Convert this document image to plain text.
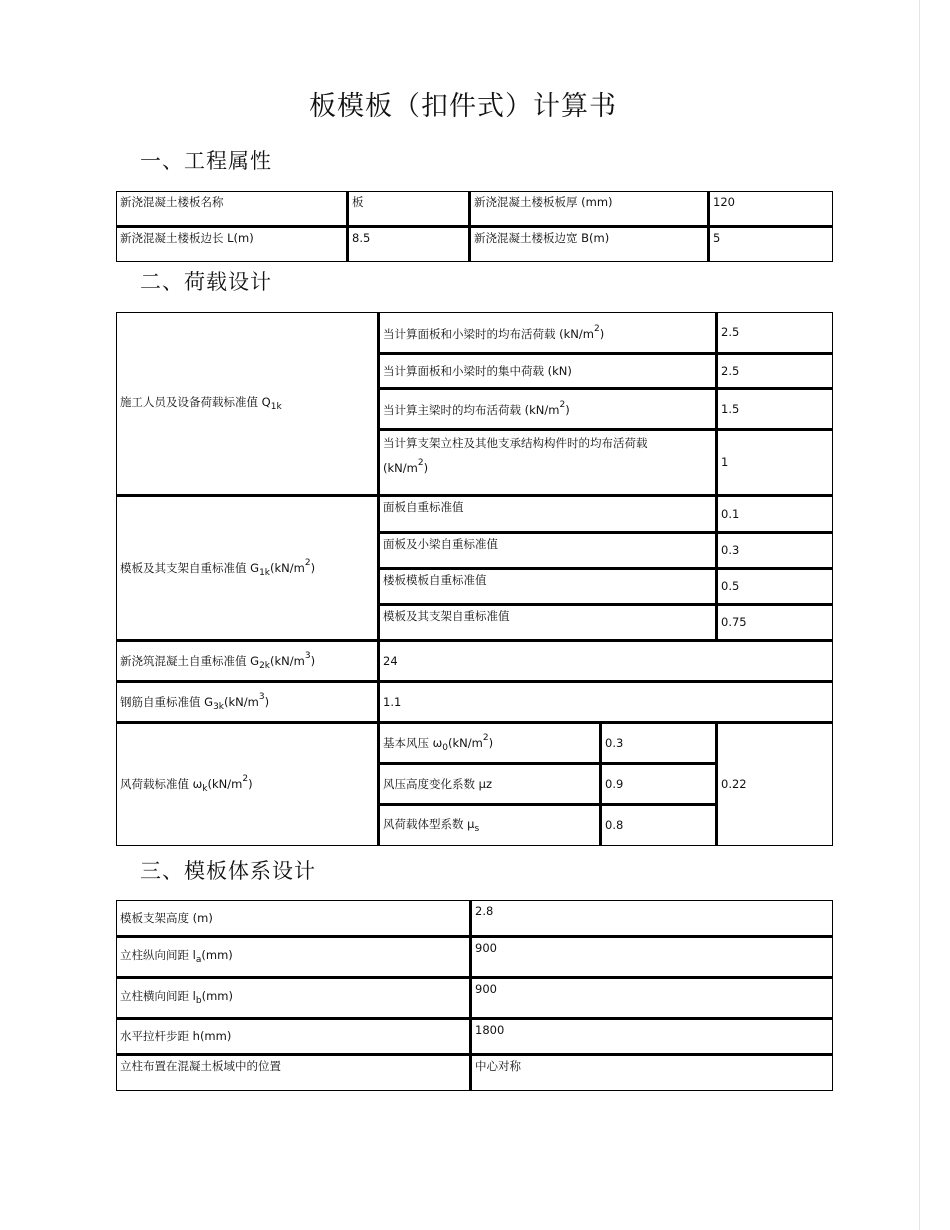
板模板（扣件式）计算书
一、工程属性
新浇混凝土楼板名称	板	新浇混凝土楼板板厚 (mm)	120
新浇混凝土楼板边长 L(m)	8.5	新浇混凝土楼板边宽 B(m)	5
二、荷载设计
施工人员及设备荷载标准值 $Q_{1k}$	当计算面板和小梁时的均布活荷载 $(kN/m^2)$		2.5
	当计算面板和小梁时的集中荷载 (kN)		2.5
	当计算主梁时的均布活荷载 $(kN/m^2)$		1.5
	当计算支架立柱及其他支承结构构件时的均布活荷载
$(kN/m^2)$		1
模板及其支架自重标准值 $G_{1k}(kN/m^2)$	面板自重标准值		0.1
	面板及小梁自重标准值		0.3
	楼板模板自重标准值		0.5
	模板及其支架自重标准值		0.75
新浇筑混凝土自重标准值 $G_{2k}(kN/m^3)$	24		
钢筋自重标准值 $G_{3k}(kN/m^3)$	1.1		
风荷载标准值 $\omega_k(kN/m^2)$	基本风压 $\omega_0(kN/m^2)$	0.3	0.22
	风压高度变化系数 μz	0.9	
	风荷载体型系数 $\mu_s$	0.8	
三、模板体系设计
模板支架高度 (m)	2.8
立柱纵向间距 $l_a(mm)$	900
立柱横向间距 $l_b(mm)$	900
水平拉杆步距 h(mm)	1800
立柱布置在混凝土板域中的位置	中心对称
